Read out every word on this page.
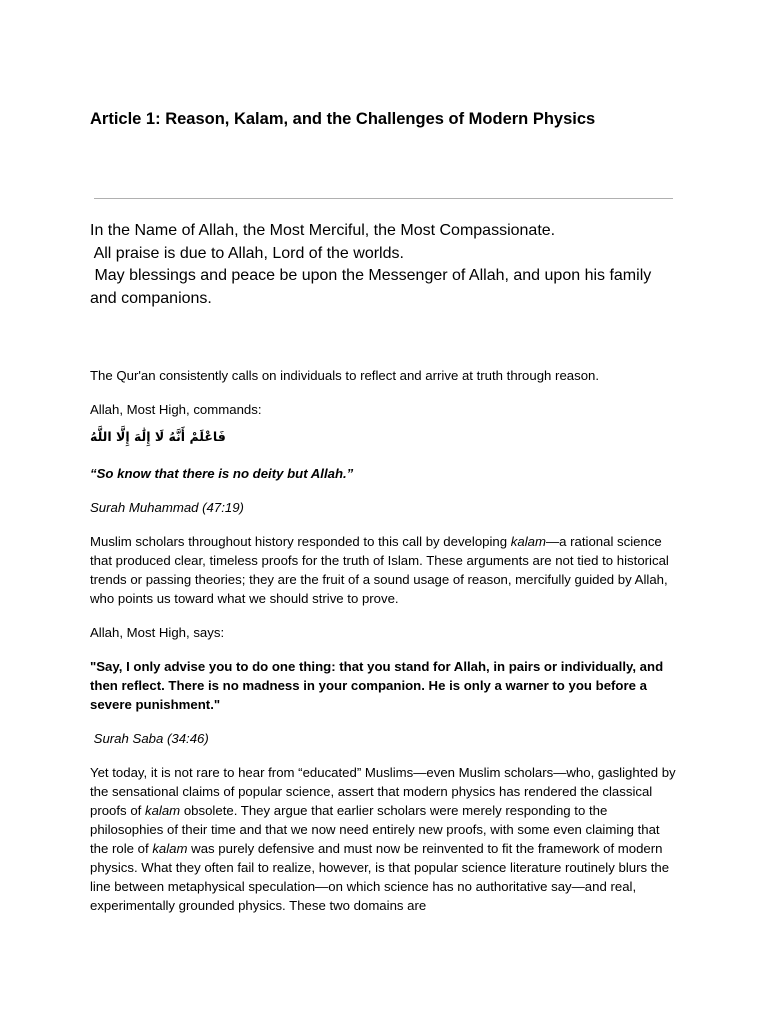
Article 1: Reason, Kalam, and the Challenges of Modern Physics
In the Name of Allah, the Most Merciful, the Most Compassionate.
All praise is due to Allah, Lord of the worlds.
May blessings and peace be upon the Messenger of Allah, and upon his family
and companions.

The Qur'an consistently calls on individuals to reflect and arrive at truth through reason.

Allah, Most High, commands:

فَاعْلَمْ أَنَّهُ لَا إِلَٰهَ إِلَّا اللَّهُ

“So know that there is no deity but Allah.”

Surah Muhammad (47:19)

Muslim scholars throughout history responded to this call by developing kalam—a rational science that produced clear, timeless proofs for the truth of Islam. These arguments are not tied to historical trends or passing theories; they are the fruit of a sound usage of reason, mercifully guided by Allah, who points us toward what we should strive to prove.

Allah, Most High, says:

"Say, I only advise you to do one thing: that you stand for Allah, in pairs or individually, and then reflect. There is no madness in your companion. He is only a warner to you before a severe punishment."

Surah Saba (34:46)

Yet today, it is not rare to hear from “educated” Muslims—even Muslim scholars—who, gaslighted by the sensational claims of popular science, assert that modern physics has rendered the classical proofs of kalam obsolete. They argue that earlier scholars were merely responding to the philosophies of their time and that we now need entirely new proofs, with some even claiming that the role of kalam was purely defensive and must now be reinvented to fit the framework of modern physics. What they often fail to realize, however, is that popular science literature routinely blurs the line between metaphysical speculation—on which science has no authoritative say—and real, experimentally grounded physics. These two domains are
